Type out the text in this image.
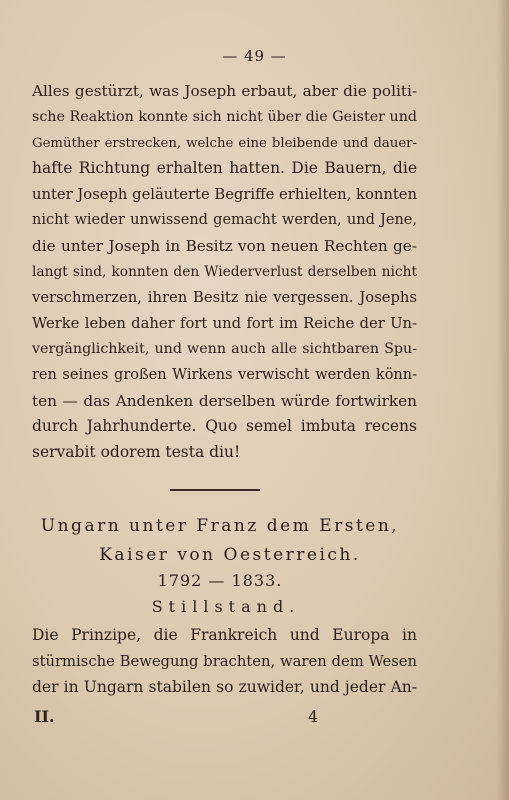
— 49 —
Alles gestürzt, was Joseph erbaut, aber die politi-
sche Reaktion konnte sich nicht über die Geister und
Gemüther erstrecken, welche eine bleibende und dauer-
hafte Richtung erhalten hatten. Die Bauern, die
unter Joseph geläuterte Begriffe erhielten, konnten
nicht wieder unwissend gemacht werden, und Jene,
die unter Joseph in Besitz von neuen Rechten ge-
langt sind, konnten den Wiederverlust derselben nicht
verschmerzen, ihren Besitz nie vergessen. Josephs
Werke leben daher fort und fort im Reiche der Un-
vergänglichkeit, und wenn auch alle sichtbaren Spu-
ren seines großen Wirkens verwischt werden könn-
ten — das Andenken derselben würde fortwirken
durch Jahrhunderte. Quo semel imbuta recens
servabit odorem testa diu!
Ungarn unter Franz dem Ersten,
Kaiser von Oesterreich.
1792 — 1833.
Stillstand.
Die Prinzipe, die Frankreich und Europa in
stürmische Bewegung brachten, waren dem Wesen
der in Ungarn stabilen so zuwider, und jeder An-
II.	4
